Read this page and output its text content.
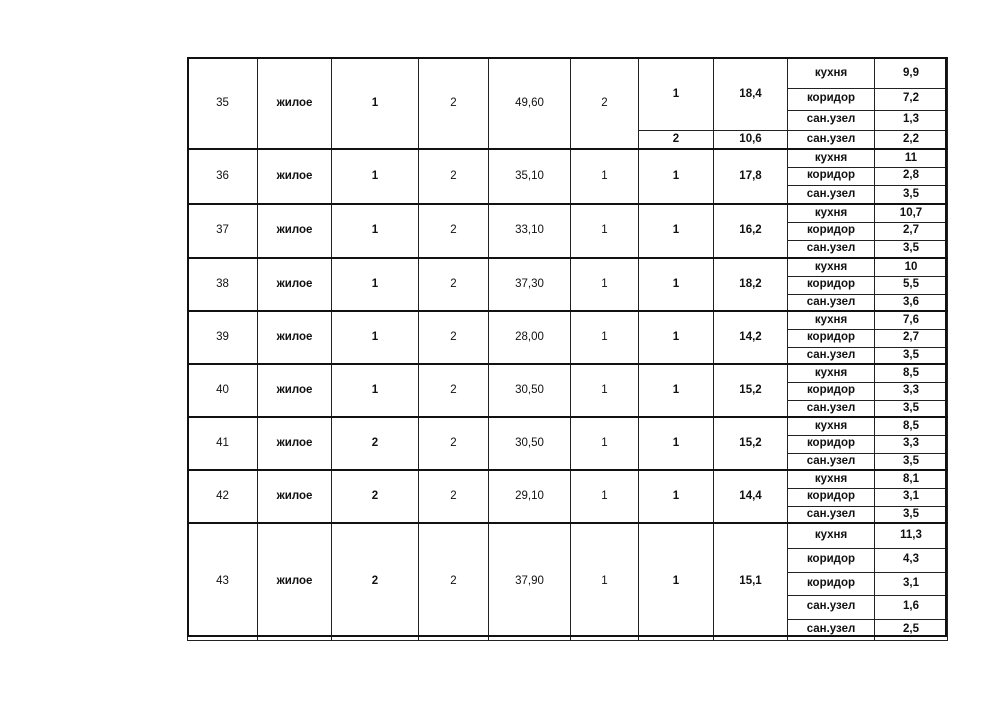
35	жилое	1	2	49,60	2	1	18,4	кухня	9,9
								коридор	7,2
								сан.узел	1,3
						2	10,6	сан.узел	2,2
36	жилое	1	2	35,10	1	1	17,8	кухня	11
								коридор	2,8
								сан.узел	3,5
37	жилое	1	2	33,10	1	1	16,2	кухня	10,7
								коридор	2,7
								сан.узел	3,5
38	жилое	1	2	37,30	1	1	18,2	кухня	10
								коридор	5,5
								сан.узел	3,6
39	жилое	1	2	28,00	1	1	14,2	кухня	7,6
								коридор	2,7
								сан.узел	3,5
40	жилое	1	2	30,50	1	1	15,2	кухня	8,5
								коридор	3,3
								сан.узел	3,5
41	жилое	2	2	30,50	1	1	15,2	кухня	8,5
								коридор	3,3
								сан.узел	3,5
42	жилое	2	2	29,10	1	1	14,4	кухня	8,1
								коридор	3,1
								сан.узел	3,5
43	жилое	2	2	37,90	1	1	15,1	кухня	11,3
								коридор	4,3
								коридор	3,1
								сан.узел	1,6
								сан.узел	2,5
